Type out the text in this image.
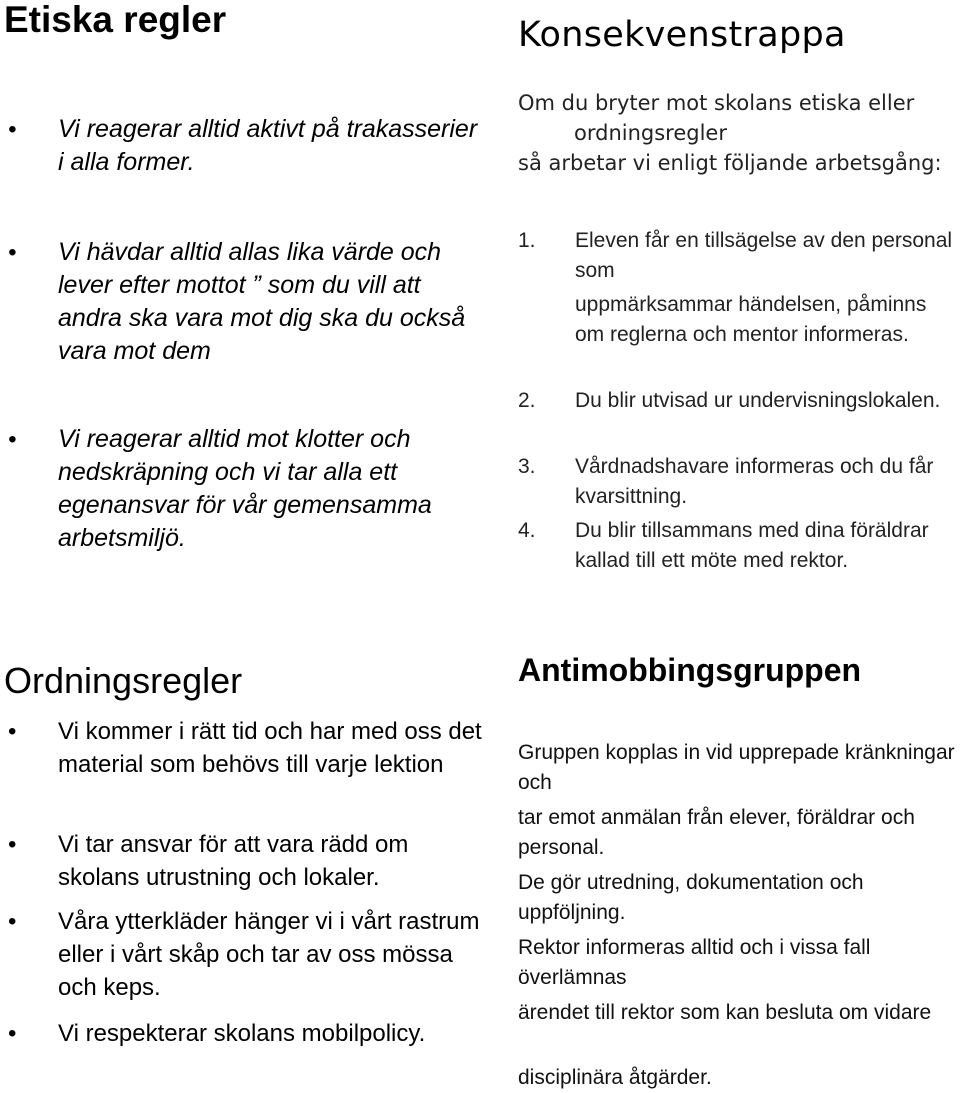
Etiska regler
• Vi reagerar alltid aktivt på trakasserier i alla former.
• Vi hävdar alltid allas lika värde och lever efter mottot ” som du vill att andra ska vara mot dig ska du också vara mot dem
• Vi reagerar alltid mot klotter och nedskräpning och vi tar alla ett egenansvar för vår gemensamma arbetsmiljö.
Ordningsregler
• Vi kommer i rätt tid och har med oss det material som behövs till varje lektion
• Vi tar ansvar för att vara rädd om skolans utrustning och lokaler.
• Våra ytterkläder hänger vi i vårt rastrum eller i vårt skåp och tar av oss mössa och keps.
• Vi respekterar skolans mobilpolicy.
Konsekvenstrappa
Om du bryter mot skolans etiska eller
ordningsregler
så arbetar vi enligt följande arbetsgång:
1. Eleven får en tillsägelse av den personal som
uppmärksammar händelsen, påminns om reglerna och mentor informeras.
2. Du blir utvisad ur undervisningslokalen.
3. Vårdnadshavare informeras och du får kvarsittning.
4. Du blir tillsammans med dina föräldrar kallad till ett möte med rektor.
Antimobbingsgruppen
Gruppen kopplas in vid upprepade kränkningar och
tar emot anmälan från elever, föräldrar och personal.
De gör utredning, dokumentation och uppföljning.
Rektor informeras alltid och i vissa fall överlämnas
ärendet till rektor som kan besluta om vidare
disciplinära åtgärder.
